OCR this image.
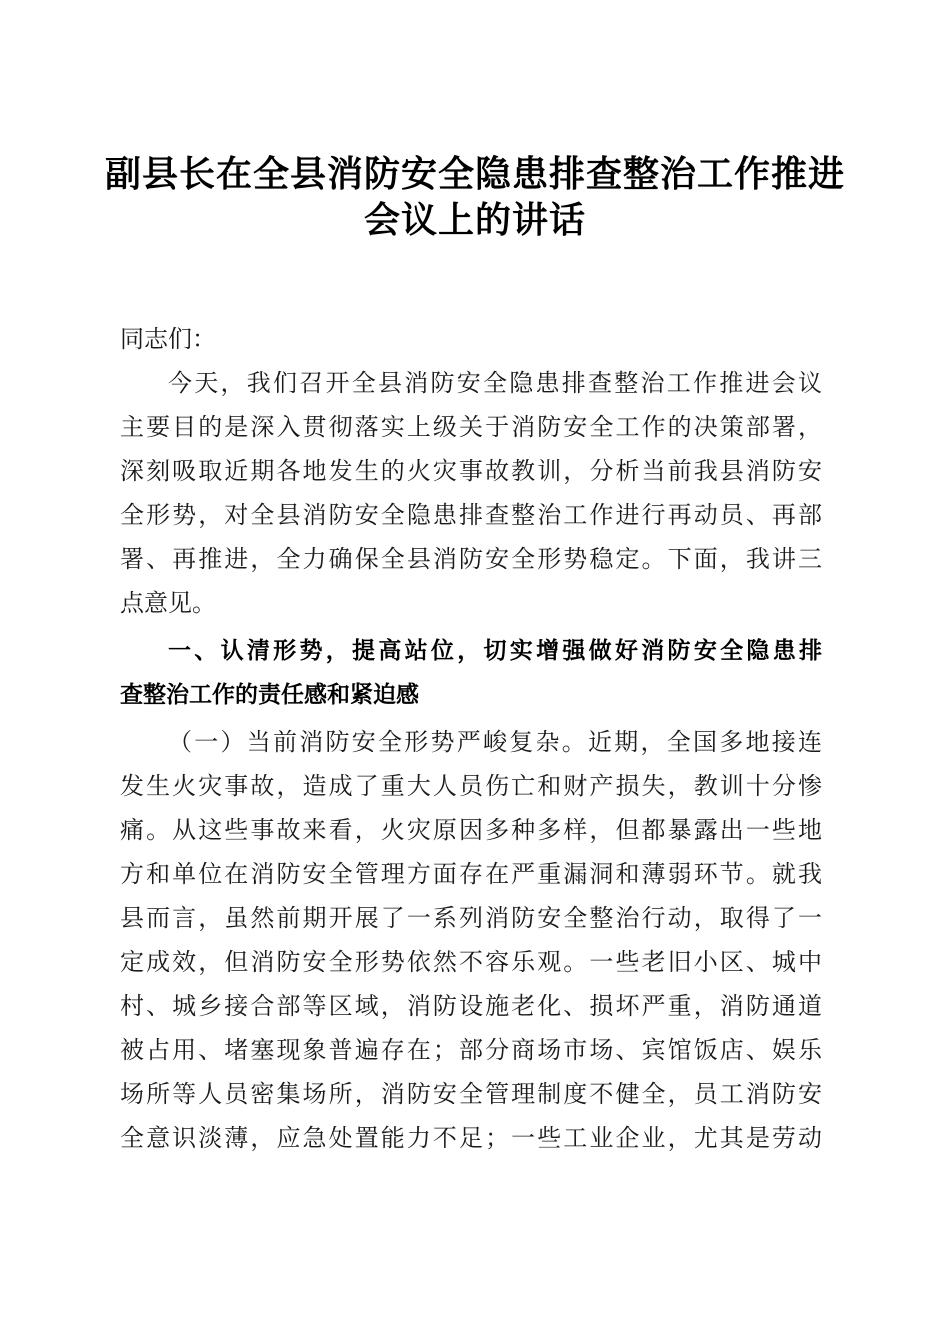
副县长在全县消防安全隐患排查整治工作推进
会议上的讲话
同志们：
今天，我们召开全县消防安全隐患排查整治工作推进会议
主要目的是深入贯彻落实上级关于消防安全工作的决策部署，
深刻吸取近期各地发生的火灾事故教训，分析当前我县消防安
全形势，对全县消防安全隐患排查整治工作进行再动员、再部
署、再推进，全力确保全县消防安全形势稳定。下面，我讲三
点意见。
一、认清形势，提高站位，切实增强做好消防安全隐患排
查整治工作的责任感和紧迫感
（一）当前消防安全形势严峻复杂。近期，全国多地接连
发生火灾事故，造成了重大人员伤亡和财产损失，教训十分惨
痛。从这些事故来看，火灾原因多种多样，但都暴露出一些地
方和单位在消防安全管理方面存在严重漏洞和薄弱环节。就我
县而言，虽然前期开展了一系列消防安全整治行动，取得了一
定成效，但消防安全形势依然不容乐观。一些老旧小区、城中
村、城乡接合部等区域，消防设施老化、损坏严重，消防通道
被占用、堵塞现象普遍存在；部分商场市场、宾馆饭店、娱乐
场所等人员密集场所，消防安全管理制度不健全，员工消防安
全意识淡薄，应急处置能力不足；一些工业企业，尤其是劳动
